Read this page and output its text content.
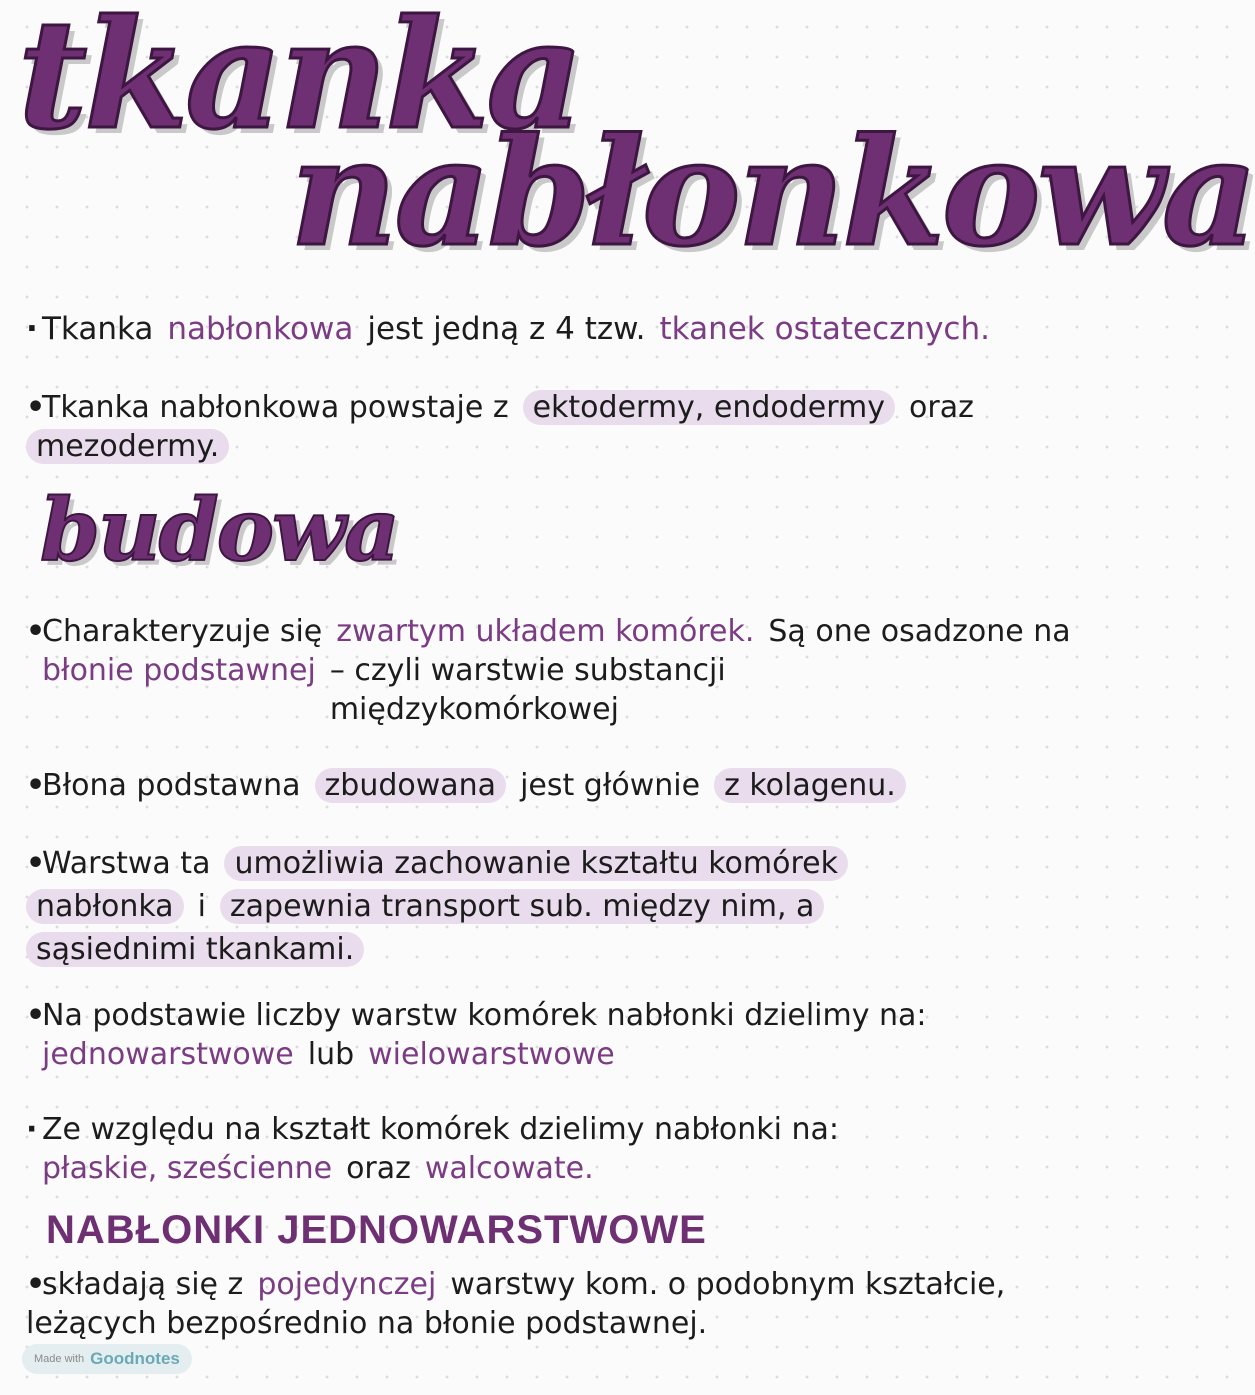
tkanka
nabłonkowa

· Tkanka nabłonkowa jest jedną z 4 tzw. tkanek ostatecznych.

•Tkanka nabłonkowa powstaje z ektodermy, endodermy oraz
mezodermy.

budowa

•Charakteryzuje się zwartym układem komórek. Są one osadzone na
błonie podstawnej – czyli warstwie substancji międzykomórkowej

•Błona podstawna zbudowana jest głównie z kolagenu.

•Warstwa ta umożliwia zachowanie kształtu komórek nabłonka i zapewnia transport sub. między nim, a sąsiednimi tkankami.

•Na podstawie liczby warstw komórek nabłonki dzielimy na:
jednowarstwowe lub wielowarstwowe

· Ze względu na kształt komórek dzielimy nabłonki na:
płaskie, sześcienne oraz walcowate.

NABŁONKI JEDNOWARSTWOWE

•składają się z pojedynczej warstwy kom. o podobnym kształcie, leżących bezpośrednio na błonie podstawnej.

Made with Goodnotes
